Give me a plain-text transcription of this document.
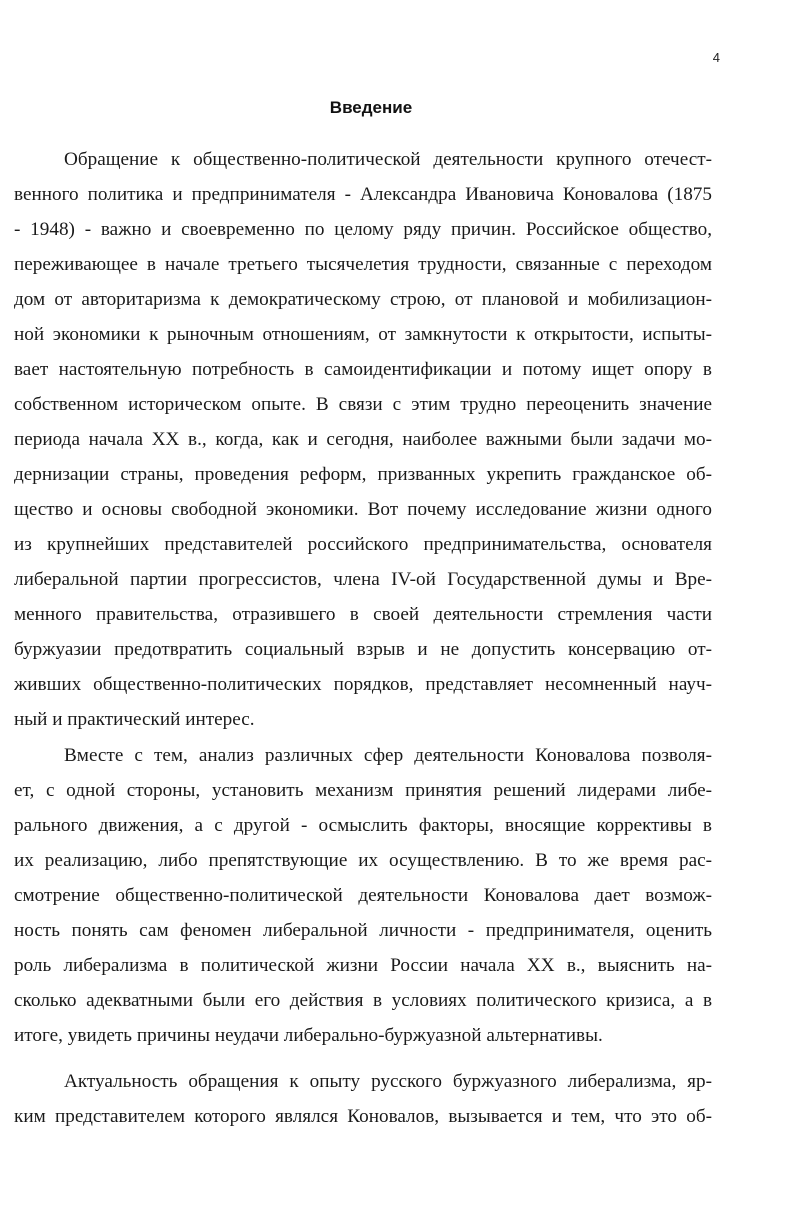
4
Введение
Обращение к общественно-политической деятельности крупного отечест-
венного политика и предпринимателя - Александра Ивановича Коновалова (1875
- 1948) - важно и своевременно по целому ряду причин. Российское общество,
переживающее в начале третьего тысячелетия трудности, связанные с переходом
дом от авторитаризма к демократическому строю, от плановой и мобилизацион-
ной экономики к рыночным отношениям, от замкнутости к открытости, испыты-
вает настоятельную потребность в самоидентификации и потому ищет опору в
собственном историческом опыте. В связи с этим трудно переоценить значение
периода начала XX в., когда, как и сегодня, наиболее важными были задачи мо-
дернизации страны, проведения реформ, призванных укрепить гражданское об-
щество и основы свободной экономики. Вот почему исследование жизни одного
из крупнейших представителей российского предпринимательства, основателя
либеральной партии прогрессистов, члена IV-ой Государственной думы и Вре-
менного правительства, отразившего в своей деятельности стремления части
буржуазии предотвратить социальный взрыв и не допустить консервацию от-
живших общественно-политических порядков, представляет несомненный науч-
ный и практический интерес.
Вместе с тем, анализ различных сфер деятельности Коновалова позволя-
ет, с одной стороны, установить механизм принятия решений лидерами либе-
рального движения, а с другой - осмыслить факторы, вносящие коррективы в
их реализацию, либо препятствующие их осуществлению. В то же время рас-
смотрение общественно-политической деятельности Коновалова дает возмож-
ность понять сам феномен либеральной личности - предпринимателя, оценить
роль либерализма в политической жизни России начала XX в., выяснить на-
сколько адекватными были его действия в условиях политического кризиса, а в
итоге, увидеть причины неудачи либерально-буржуазной альтернативы.
Актуальность обращения к опыту русского буржуазного либерализма, яр-
ким представителем которого являлся Коновалов, вызывается и тем, что это об-
